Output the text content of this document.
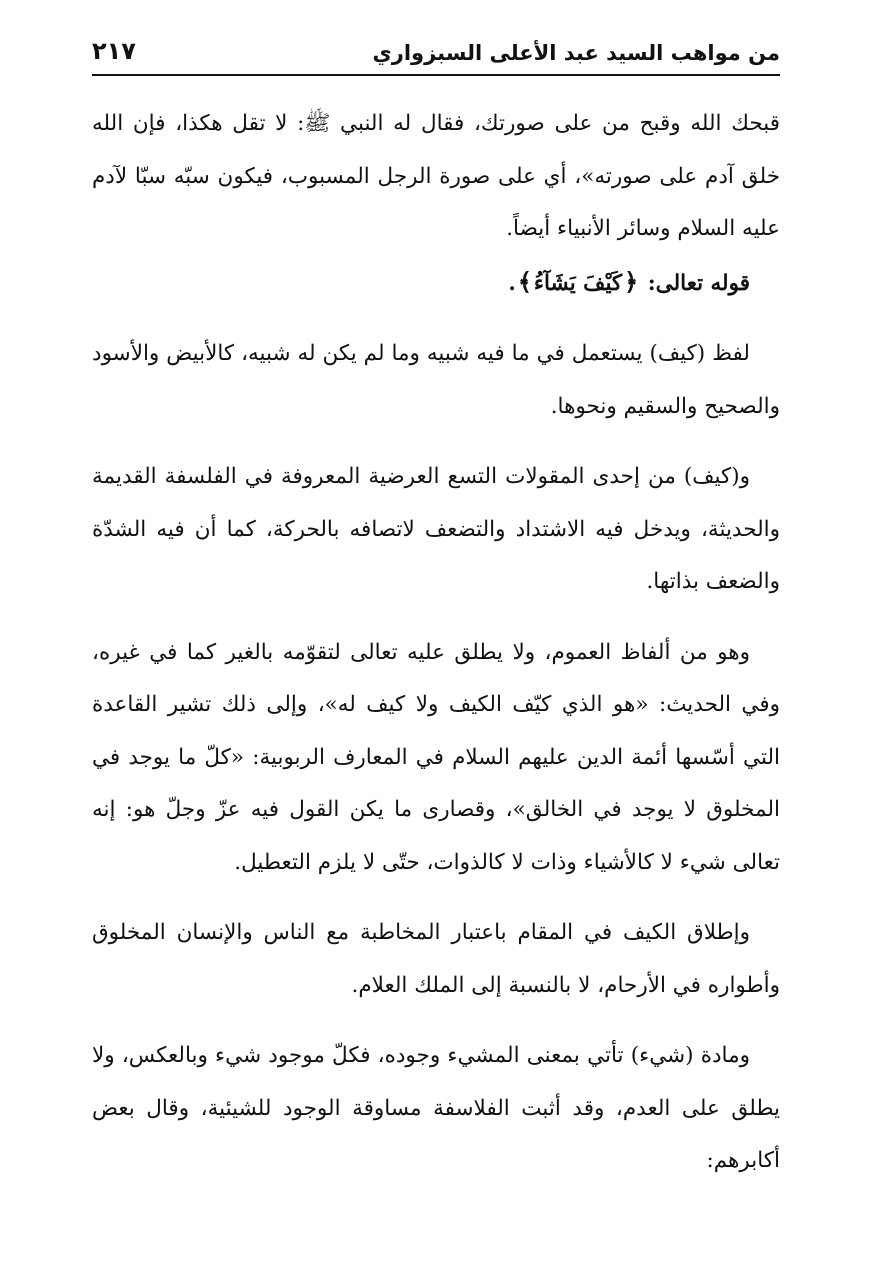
من مواهب السيد عبد الأعلى السبزواري
٢١٧

قبحك الله وقبح من على صورتك، فقال له النبي ﷺ: لا تقل هكذا، فإن الله خلق آدم على صورته»، أي على صورة الرجل المسبوب، فيكون سبّه سبّا لآدم عليه السلام وسائر الأنبياء أيضاً.

قوله تعالى: ﴿كَيْفَ يَشَآءُ﴾.

لفظ (كيف) يستعمل في ما فيه شبيه وما لم يكن له شبيه، كالأبيض والأسود والصحيح والسقيم ونحوها.

و(كيف) من إحدى المقولات التسع العرضية المعروفة في الفلسفة القديمة والحديثة، ويدخل فيه الاشتداد والتضعف لاتصافه بالحركة، كما أن فيه الشدّة والضعف بذاتها.

وهو من ألفاظ العموم، ولا يطلق عليه تعالى لتقوّمه بالغير كما في غيره، وفي الحديث: «هو الذي كيّف الكيف ولا كيف له»، وإلى ذلك تشير القاعدة التي أسّسها أئمة الدين عليهم السلام في المعارف الربوبية: «كلّ ما يوجد في المخلوق لا يوجد في الخالق»، وقصارى ما يكن القول فيه عزّ وجلّ هو: إنه تعالى شيء لا كالأشياء وذات لا كالذوات، حتّى لا يلزم التعطيل.

وإطلاق الكيف في المقام باعتبار المخاطبة مع الناس والإنسان المخلوق وأطواره في الأرحام، لا بالنسبة إلى الملك العلام.

ومادة (شيء) تأتي بمعنى المشيء وجوده، فكلّ موجود شيء وبالعكس، ولا يطلق على العدم، وقد أثبت الفلاسفة مساوقة الوجود للشيئية، وقال بعض أكابرهم:
